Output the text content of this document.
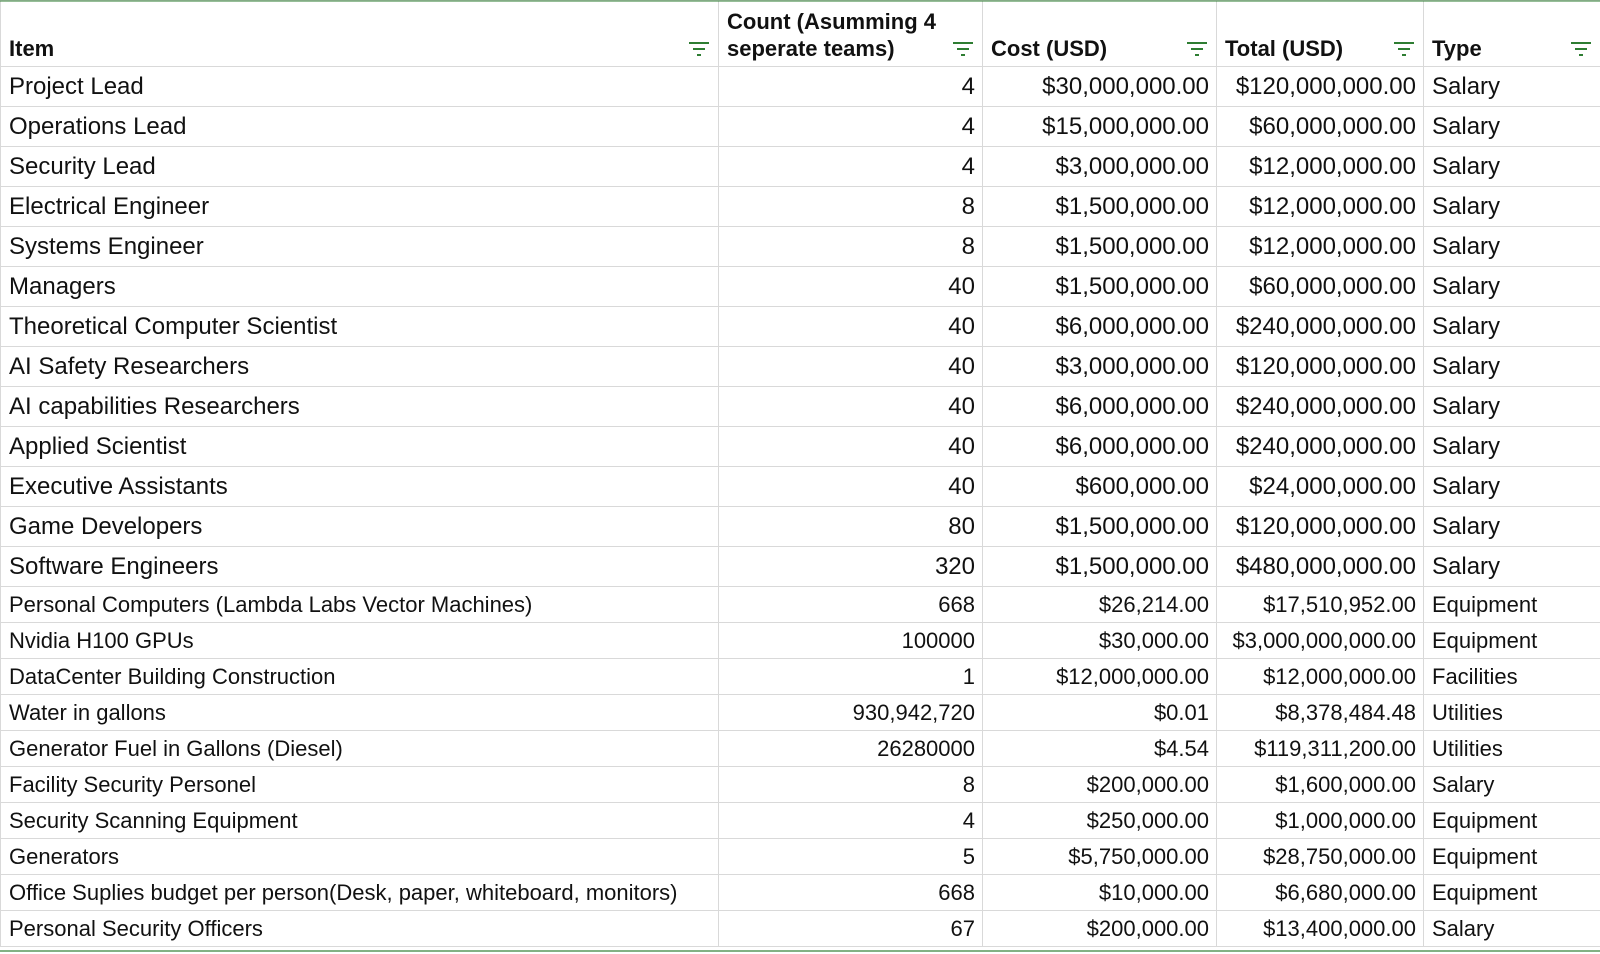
Item	Count (Asumming 4 seperate teams)	Cost (USD)	Total (USD)	Type

Project Lead	4	$30,000,000.00	$120,000,000.00	Salary
Operations Lead	4	$15,000,000.00	$60,000,000.00	Salary
Security Lead	4	$3,000,000.00	$12,000,000.00	Salary
Electrical Engineer	8	$1,500,000.00	$12,000,000.00	Salary
Systems Engineer	8	$1,500,000.00	$12,000,000.00	Salary
Managers	40	$1,500,000.00	$60,000,000.00	Salary
Theoretical Computer Scientist	40	$6,000,000.00	$240,000,000.00	Salary
AI Safety Researchers	40	$3,000,000.00	$120,000,000.00	Salary
AI capabilities Researchers	40	$6,000,000.00	$240,000,000.00	Salary
Applied Scientist	40	$6,000,000.00	$240,000,000.00	Salary
Executive Assistants	40	$600,000.00	$24,000,000.00	Salary
Game Developers	80	$1,500,000.00	$120,000,000.00	Salary
Software Engineers	320	$1,500,000.00	$480,000,000.00	Salary
Personal Computers (Lambda Labs Vector Machines)	668	$26,214.00	$17,510,952.00	Equipment
Nvidia H100 GPUs	100000	$30,000.00	$3,000,000,000.00	Equipment
DataCenter Building Construction	1	$12,000,000.00	$12,000,000.00	Facilities
Water in gallons	930,942,720	$0.01	$8,378,484.48	Utilities
Generator Fuel in Gallons (Diesel)	26280000	$4.54	$119,311,200.00	Utilities
Facility Security Personel	8	$200,000.00	$1,600,000.00	Salary
Security Scanning Equipment	4	$250,000.00	$1,000,000.00	Equipment
Generators	5	$5,750,000.00	$28,750,000.00	Equipment
Office Suplies budget per person(Desk, paper, whiteboard, monitors)	668	$10,000.00	$6,680,000.00	Equipment
Personal Security Officers	67	$200,000.00	$13,400,000.00	Salary
